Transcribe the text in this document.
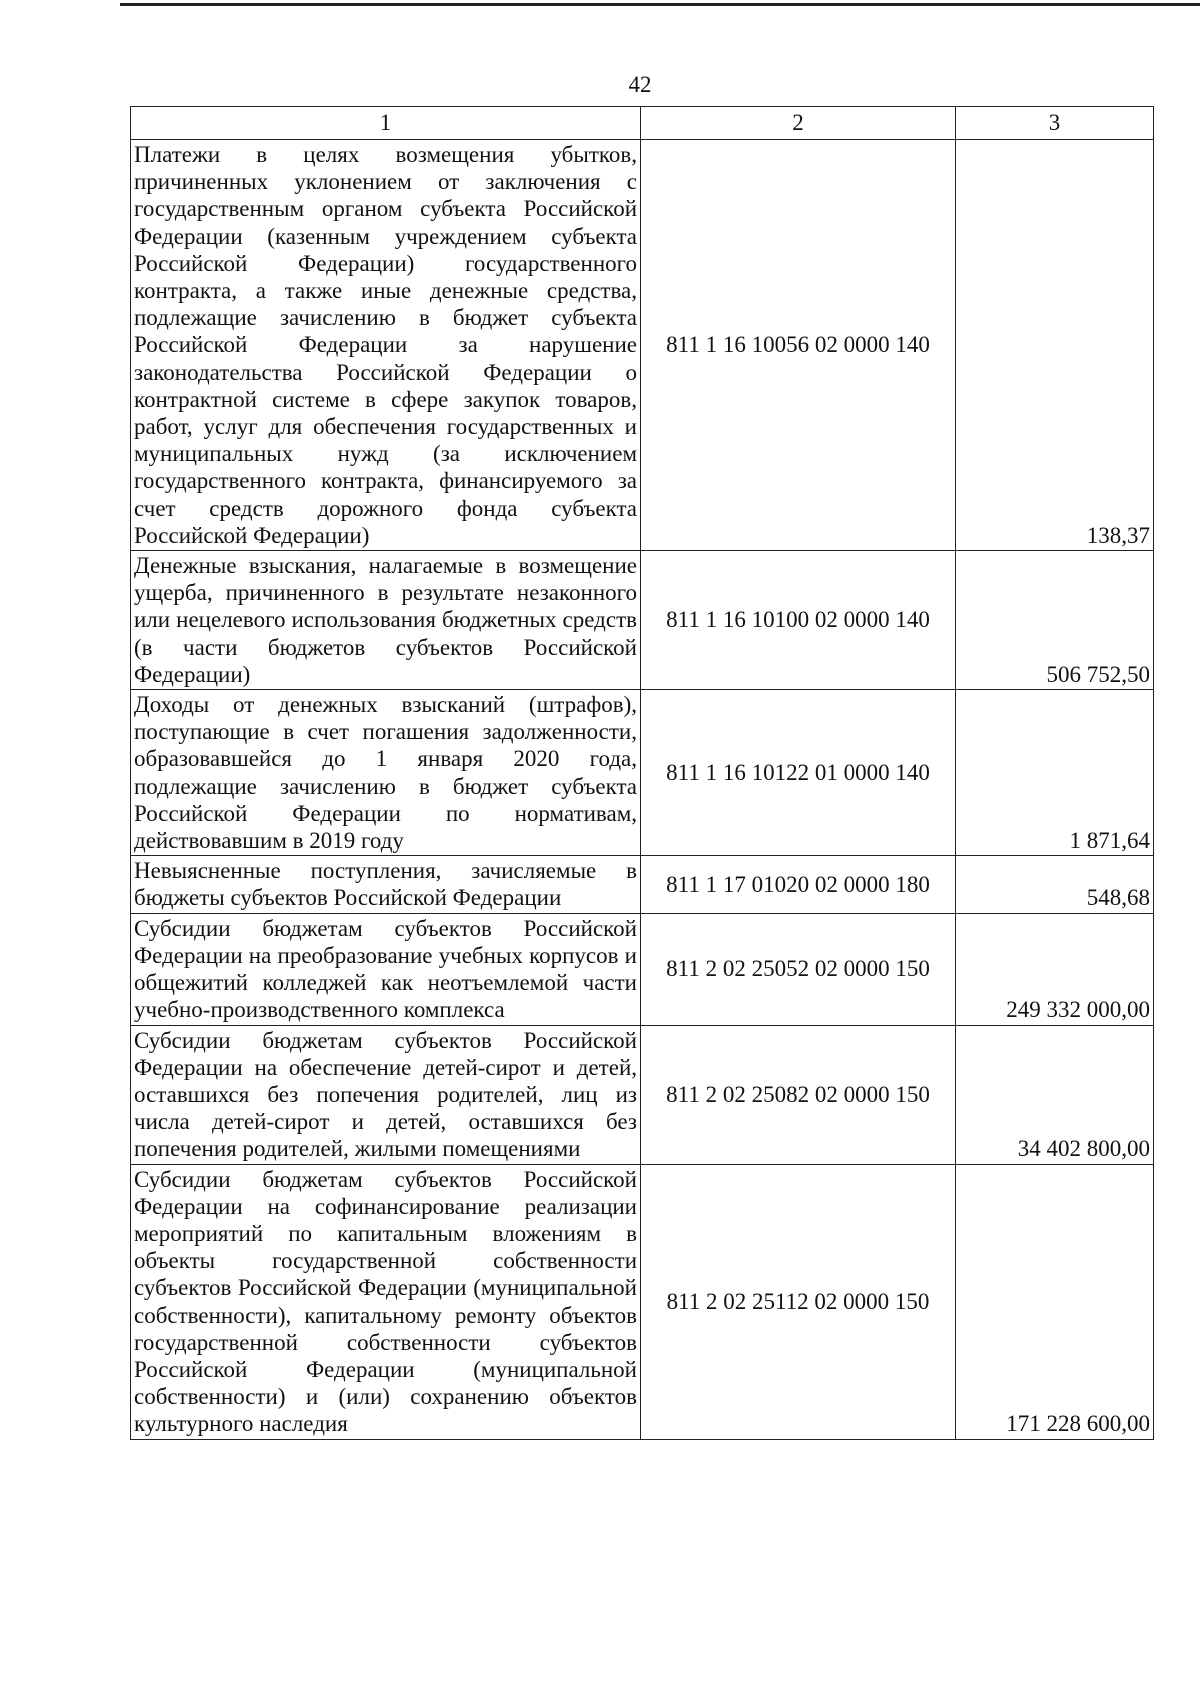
42
1	2	3
Платежи в целях возмещения убытков, причиненных уклонением от заключения с государственным органом субъекта Российской Федерации (казенным учреждением субъекта Российской Федерации) государственного контракта, а также иные денежные средства, подлежащие зачислению в бюджет субъекта Российской Федерации за нарушение законодательства Российской Федерации о контрактной системе в сфере закупок товаров, работ, услуг для обеспечения государственных и муниципальных нужд (за исключением государственного контракта, финансируемого за счет средств дорожного фонда субъекта Российской Федерации)	811 1 16 10056 02 0000 140	138,37
Денежные взыскания, налагаемые в возмещение ущерба, причиненного в результате незаконного или нецелевого использования бюджетных средств (в части бюджетов субъектов Российской Федерации)	811 1 16 10100 02 0000 140	506 752,50
Доходы от денежных взысканий (штрафов), поступающие в счет погашения задолженности, образовавшейся до 1 января 2020 года, подлежащие зачислению в бюджет субъекта Российской Федерации по нормативам, действовавшим в 2019 году	811 1 16 10122 01 0000 140	1 871,64
Невыясненные поступления, зачисляемые в бюджеты субъектов Российской Федерации	811 1 17 01020 02 0000 180	548,68
Субсидии бюджетам субъектов Российской Федерации на преобразование учебных корпусов и общежитий колледжей как неотъемлемой части учебно-производственного комплекса	811 2 02 25052 02 0000 150	249 332 000,00
Субсидии бюджетам субъектов Российской Федерации на обеспечение детей-сирот и детей, оставшихся без попечения родителей, лиц из числа детей-сирот и детей, оставшихся без попечения родителей, жилыми помещениями	811 2 02 25082 02 0000 150	34 402 800,00
Субсидии бюджетам субъектов Российской Федерации на софинансирование реализации мероприятий по капитальным вложениям в объекты государственной собственности субъектов Российской Федерации (муниципальной собственности), капитальному ремонту объектов государственной собственности субъектов Российской Федерации (муниципальной собственности) и (или) сохранению объектов культурного наследия	811 2 02 25112 02 0000 150	171 228 600,00
